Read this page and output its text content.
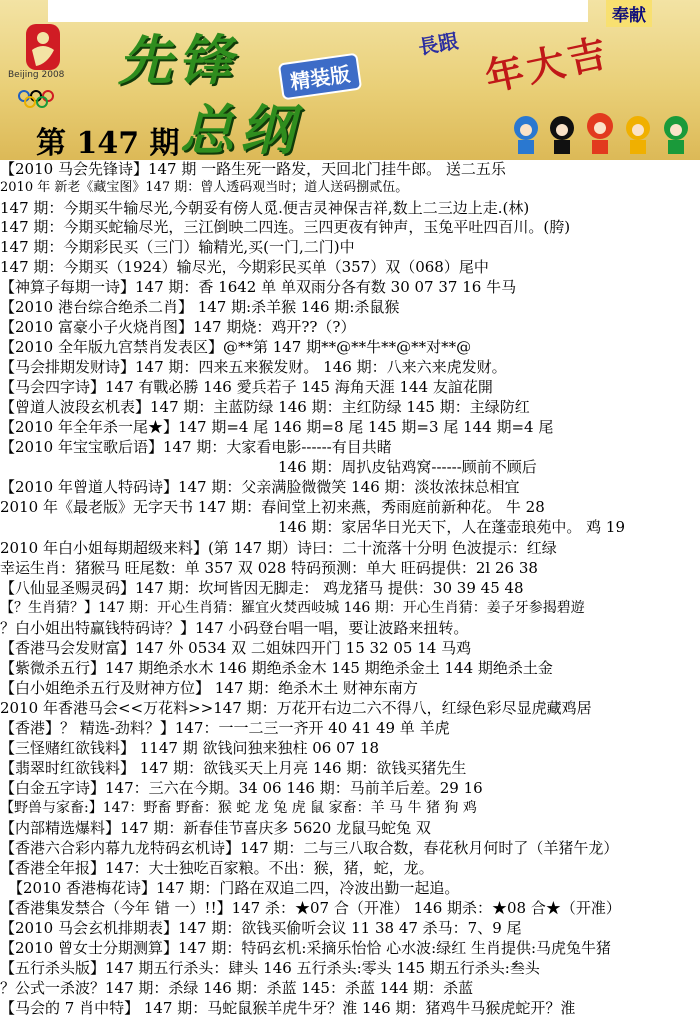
Beijing 2008 先锋	精装版
总纲
第 147 期
長跟 年大吉
奉献
【2010 马会先锋诗】147 期 一路生死一路发，天回北门挂牛郎。 送二五乐
2010 年 新老《藏宝图》147 期：曾人透码观当时；道人送码捌贰伍。
147 期：今期买牛输尽光,今朝妥有傍人觅.便吉灵神保吉祥,数上二三边上走.(林)
147 期：今期买蛇输尽光，三江倒映二四连。三四更夜有钟声，玉兔平吐四百川。(胯)
147 期：今期彩民买（三门）输精光,买(一门,二门)中
147 期：今期买（1924）输尽光，今期彩民买单（357）双（068）尾中
【神算子每期一诗】147 期：香 1642 单 单双雨分各有数 30 07 37 16 牛马
【2010 港台综合绝杀二肖】 147 期:杀羊猴 146 期:杀鼠猴
【2010 富豪小子火烧肖图】147 期烧：鸡开??（?）
【2010 全年版九宫禁肖发表区】@**第 147 期**@**牛**@**对**@
【马会排期发财诗】147 期：四来五来猴发财。 146 期：八来六来虎发财。
【马会四字诗】147 有戰必勝 146 愛兵若子 145 海角天涯 144 友誼花開
【曾道人波段玄机表】147 期：主蓝防绿 146 期：主红防绿 145 期：主绿防红
【2010 年全年杀一尾★】147 期=4 尾 146 期=8 尾 145 期=3 尾 144 期=4 尾
【2010 年宝宝歌后语】147 期：大家看电影------有目共睹
146 期：周扒皮钻鸡窝------顾前不顾后
【2010 年曾道人特码诗】147 期：父亲满脸微微笑 146 期：淡妆浓抹总相宜
2010 年《最老版》无字天书 147 期：春间堂上初来燕，秀雨庭前新种花。 牛 28
146 期：家居华日光天下，人在蓬壶琅苑中。 鸡 19
2010 年白小姐每期超级来料】(第 147 期）诗曰：二十流落十分明 色波提示：红绿
幸运生肖：猪猴马 旺尾数：单 357 双 028 特码预测：单大 旺码提供：2l 26 38
【八仙显圣赐灵码】147 期：坎坷皆因无脚走： 鸡龙猪马 提供：30 39 45 48
【？生肖猜？】147 期：开心生肖猜：羅宜火焚西岐城 146 期：开心生肖猜：姜子牙参揭碧遊
？白小姐出特赢钱特码诗？】147 小码登台唱一唱，要让波路来扭转。
【香港马会发财富】147 外 0534 双 二姐妹四开门 15 32 05 14 马鸡
【紫微杀五行】147 期绝杀水木 146 期绝杀金木 145 期绝杀金土 144 期绝杀土金
【白小姐绝杀五行及财神方位】 147 期：绝杀木土 财神东南方
2010 年香港马会<<万花料>>147 期：万花开右边二六不得八，红绿色彩尽显虎藏鸡居
【香港】？ 精选-劲料？】147：一一二三一齐开 40 41 49 单 羊虎
【三怪赌红欲钱料】 1147 期 欲钱问独来独柱 06 07 18
【翡翠时红欲钱料】 147 期：欲钱买天上月亮 146 期：欲钱买猪先生
【白金五字诗】147：三六在今期。34 06 146 期：马前羊后差。29 16
【野兽与家畜:】147：野畜 野畜：猴 蛇 龙 兔 虎 鼠 家畜：羊 马 牛 猪 狗 鸡
【内部精选爆料】147 期：新春佳节喜庆多 5620 龙鼠马蛇兔 双
【香港六合彩内幕九龙特码玄机诗】147 期：二与三八取合数，春花秋月何时了（羊猪午龙）
【香港全年报】147：大士独吃百家粮。不出：猴，猪，蛇，龙。
【2010 香港梅花诗】147 期：门路在双追二四，冷波出勤一起追。
【香港集发禁合（今年 错 一）!!】147 杀：★07 合（开准） 146 期杀：★08 合★（开准）
【2010 马会玄机排期表】147 期：欲钱买偷听会议 11 38 47 杀马：7、9 尾
【2010 曾女士分期测算】147 期：特码玄机:采摘乐怡恰 心水波:绿红 生肖提供:马虎兔牛猪
【五行杀头版】147 期五行杀头：肆头 146 五行杀头:零头 145 期五行杀头:叁头
？公式一杀波？147 期：杀绿 146 期：杀蓝 145：杀蓝 144 期：杀蓝
【马会的 7 肖中特】 147 期：马蛇鼠猴羊虎牛牙？淮 146 期：猪鸡牛马猴虎蛇开？淮
